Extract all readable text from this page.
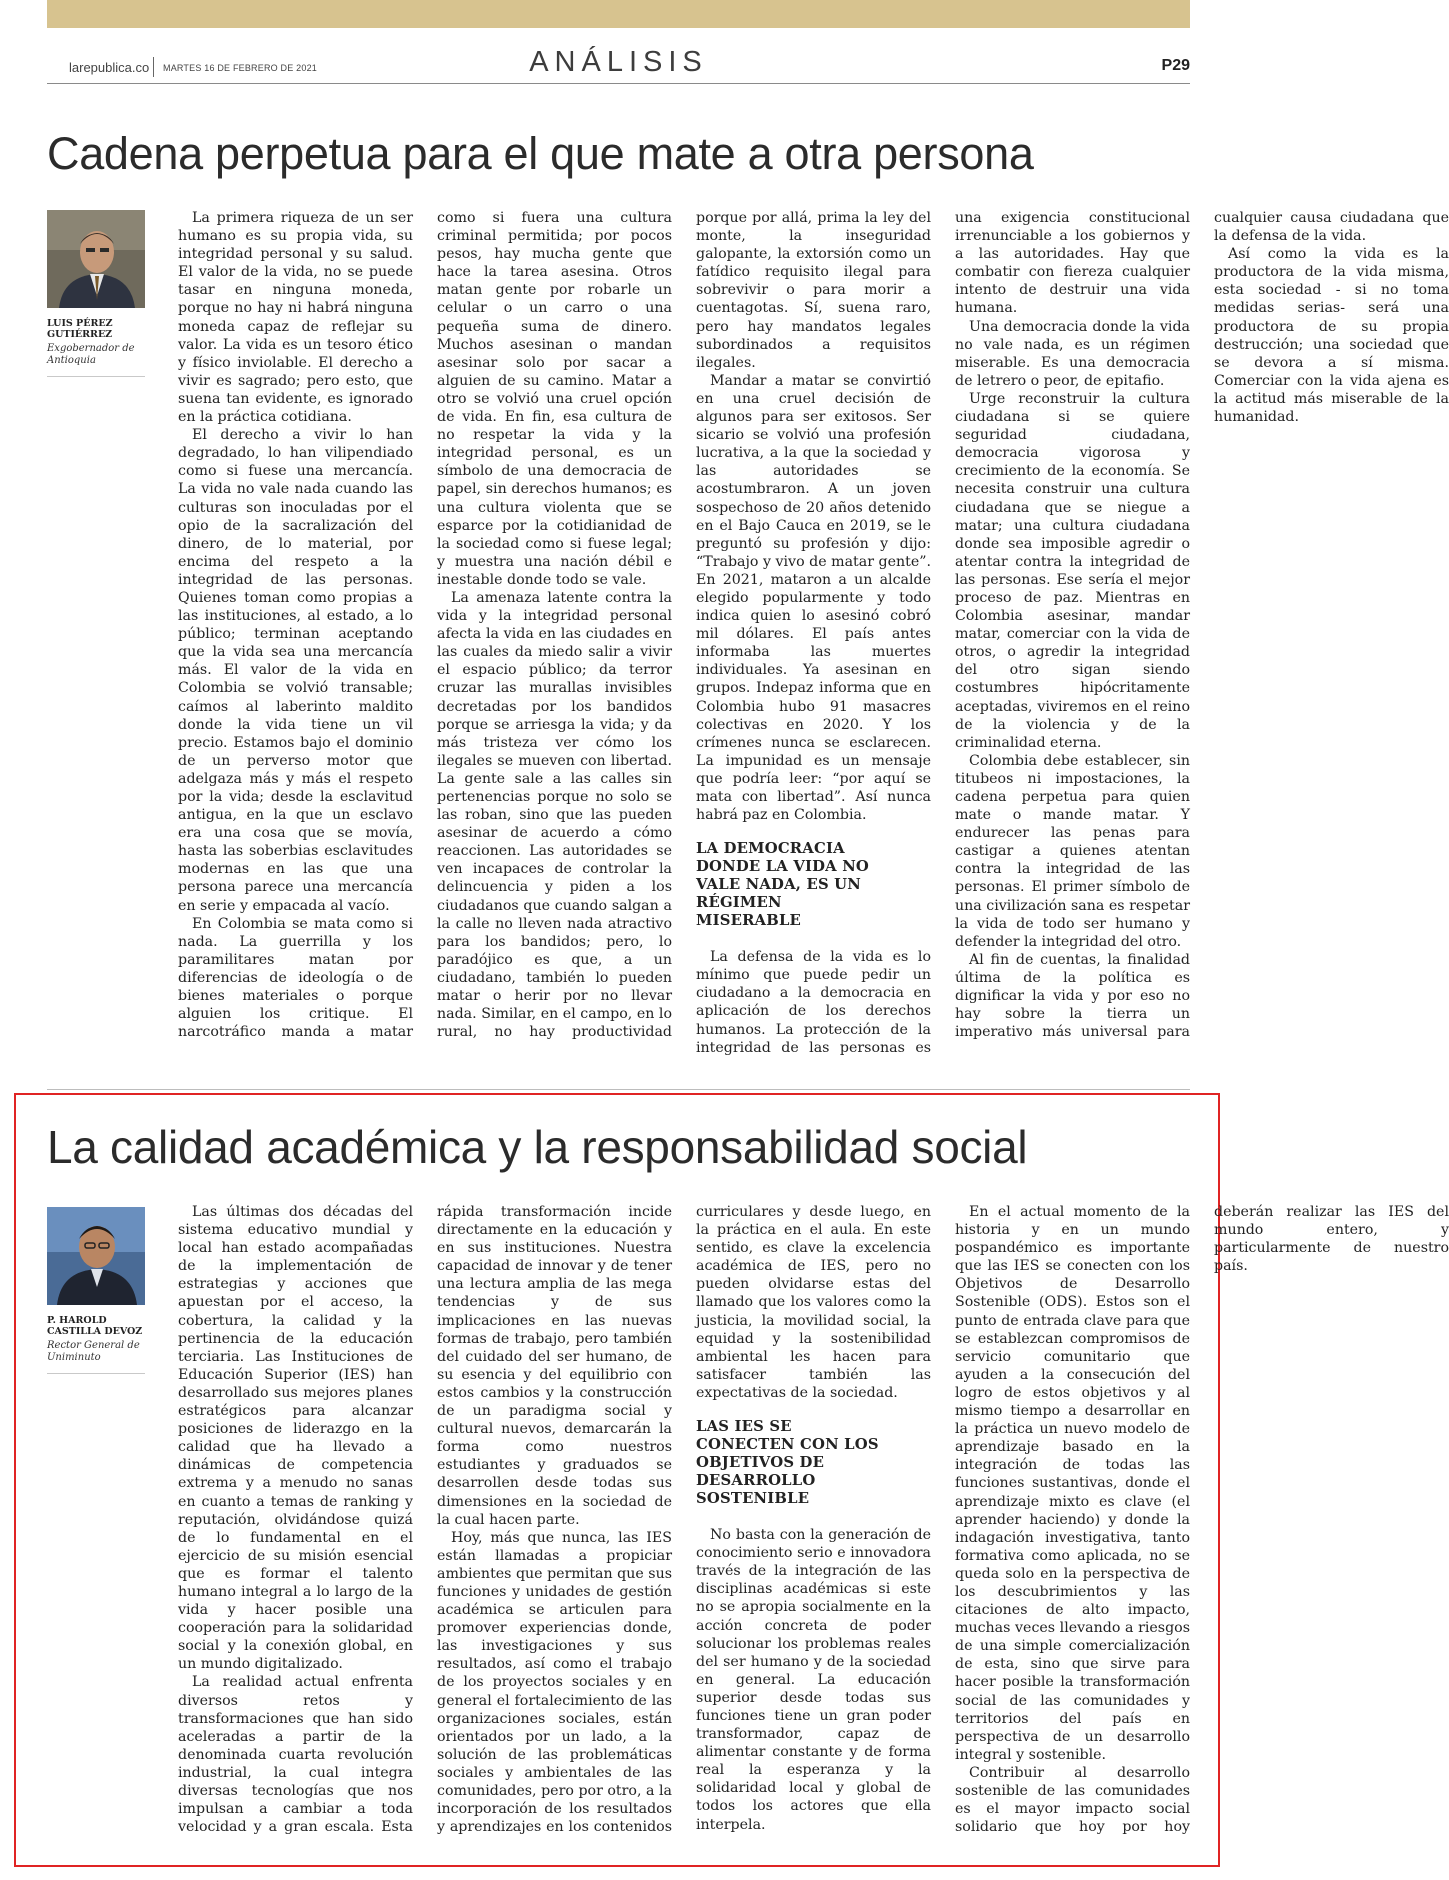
larepublica.co MARTES 16 DE FEBRERO DE 2021	ANÁLISIS	P29
Cadena perpetua para el que mate a otra persona
LUIS PÉREZ GUTIÉRREZ
Exgobernador de Antioquia

La primera riqueza de un ser humano es su propia vida, su integridad personal y su salud. El valor de la vida, no se puede tasar en ninguna moneda, porque no hay ni habrá ninguna moneda capaz de reflejar su valor. La vida es un tesoro ético y físico inviolable. El derecho a vivir es sagrado; pero esto, que suena tan evidente, es ignorado en la práctica cotidiana.

El derecho a vivir lo han degradado, lo han vilipendiado como si fuese una mercancía. La vida no vale nada cuando las culturas son inoculadas por el opio de la sacralización del dinero, de lo material, por encima del respeto a la integridad de las personas. Quienes toman como propias a las instituciones, al estado, a lo público; terminan aceptando que la vida sea una mercancía más. El valor de la vida en Colombia se volvió transable; caímos al laberinto maldito donde la vida tiene un vil precio. Estamos bajo el dominio de un perverso motor que adelgaza más y más el respeto por la vida; desde la esclavitud antigua, en la que un esclavo era una cosa que se movía, hasta las soberbias esclavitudes modernas en las que una persona parece una mercancía en serie y empacada al vacío.

En Colombia se mata como si nada. La guerrilla y los paramilitares matan por diferencias de ideología o de bienes materiales o porque alguien los critique. El narcotráfico manda a matar como si fuera una cultura criminal permitida; por pocos pesos, hay mucha gente que hace la tarea asesina. Otros matan gente por robarle un celular o un carro o una pequeña suma de dinero. Muchos asesinan o mandan asesinar solo por sacar a alguien de su camino. Matar a otro se volvió una cruel opción de vida. En fin, esa cultura de no respetar la vida y la integridad personal, es un símbolo de una democracia de papel, sin derechos humanos; es una cultura violenta que se esparce por la cotidianidad de la sociedad como si fuese legal; y muestra una nación débil e inestable donde todo se vale.

La amenaza latente contra la vida y la integridad personal afecta la vida en las ciudades en las cuales da miedo salir a vivir el espacio público; da terror cruzar las murallas invisibles decretadas por los bandidos porque se arriesga la vida; y da más tristeza ver cómo los ilegales se mueven con libertad. La gente sale a las calles sin pertenencias porque no solo se las roban, sino que las pueden asesinar de acuerdo a cómo reaccionen. Las autoridades se ven incapaces de controlar la delincuencia y piden a los ciudadanos que cuando salgan a la calle no lleven nada atractivo para los bandidos; pero, lo paradójico es que, a un ciudadano, también lo pueden matar o herir por no llevar nada. Similar, en el campo, en lo rural, no hay productividad porque por allá, prima la ley del monte, la inseguridad galopante, la extorsión como un fatídico requisito ilegal para sobrevivir o para morir a cuentagotas. Sí, suena raro, pero hay mandatos legales subordinados a requisitos ilegales.

Mandar a matar se convirtió en una cruel decisión de algunos para ser exitosos. Ser sicario se volvió una profesión lucrativa, a la que la sociedad y las autoridades se acostumbraron. A un joven sospechoso de 20 años detenido en el Bajo Cauca en 2019, se le preguntó su profesión y dijo: “Trabajo y vivo de matar gente”. En 2021, mataron a un alcalde elegido popularmente y todo indica quien lo asesinó cobró mil dólares. El país antes informaba las muertes individuales. Ya asesinan en grupos. Indepaz informa que en Colombia hubo 91 masacres colectivas en 2020. Y los crímenes nunca se esclarecen. La impunidad es un mensaje que podría leer: “por aquí se mata con libertad”. Así nunca habrá paz en Colombia.

LA DEMOCRACIA DONDE LA VIDA NO VALE NADA, ES UN RÉGIMEN MISERABLE

La defensa de la vida es lo mínimo que puede pedir un ciudadano a la democracia en aplicación de los derechos humanos. La protección de la integridad de las personas es una exigencia constitucional irrenunciable a los gobiernos y a las autoridades. Hay que combatir con fiereza cualquier intento de destruir una vida humana.

Una democracia donde la vida no vale nada, es un régimen miserable. Es una democracia de letrero o peor, de epitafio.

Urge reconstruir la cultura ciudadana si se quiere seguridad ciudadana, democracia vigorosa y crecimiento de la economía. Se necesita construir una cultura ciudadana que se niegue a matar; una cultura ciudadana donde sea imposible agredir o atentar contra la integridad de las personas. Ese sería el mejor proceso de paz. Mientras en Colombia asesinar, mandar matar, comerciar con la vida de otros, o agredir la integridad del otro sigan siendo costumbres hipócritamente aceptadas, viviremos en el reino de la violencia y de la criminalidad eterna.

Colombia debe establecer, sin titubeos ni impostaciones, la cadena perpetua para quien mate o mande matar. Y endurecer las penas para castigar a quienes atentan contra la integridad de las personas. El primer símbolo de una civilización sana es respetar la vida de todo ser humano y defender la integridad del otro.

Al fin de cuentas, la finalidad última de la política es dignificar la vida y por eso no hay sobre la tierra un imperativo más universal para cualquier causa ciudadana que la defensa de la vida.

Así como la vida es la productora de la vida misma, esta sociedad - si no toma medidas serias- será una productora de su propia destrucción; una sociedad que se devora a sí misma. Comerciar con la vida ajena es la actitud más miserable de la humanidad.

La calidad académica y la responsabilidad social
P. HAROLD CASTILLA DEVOZ
Rector General de Uniminuto

Las últimas dos décadas del sistema educativo mundial y local han estado acompañadas de la implementación de estrategias y acciones que apuestan por el acceso, la cobertura, la calidad y la pertinencia de la educación terciaria. Las Instituciones de Educación Superior (IES) han desarrollado sus mejores planes estratégicos para alcanzar posiciones de liderazgo en la calidad que ha llevado a dinámicas de competencia extrema y a menudo no sanas en cuanto a temas de ranking y reputación, olvidándose quizá de lo fundamental en el ejercicio de su misión esencial que es formar el talento humano integral a lo largo de la vida y hacer posible una cooperación para la solidaridad social y la conexión global, en un mundo digitalizado.

La realidad actual enfrenta diversos retos y transformaciones que han sido aceleradas a partir de la denominada cuarta revolución industrial, la cual integra diversas tecnologías que nos impulsan a cambiar a toda velocidad y a gran escala. Esta rápida transformación incide directamente en la educación y en sus instituciones. Nuestra capacidad de innovar y de tener una lectura amplia de las mega tendencias y de sus implicaciones en las nuevas formas de trabajo, pero también del cuidado del ser humano, de su esencia y del equilibrio con estos cambios y la construcción de un paradigma social y cultural nuevos, demarcarán la forma como nuestros estudiantes y graduados se desarrollen desde todas sus dimensiones en la sociedad de la cual hacen parte.

Hoy, más que nunca, las IES están llamadas a propiciar ambientes que permitan que sus funciones y unidades de gestión académica se articulen para promover experiencias donde, las investigaciones y sus resultados, así como el trabajo de los proyectos sociales y en general el fortalecimiento de las organizaciones sociales, están orientados por un lado, a la solución de las problemáticas sociales y ambientales de las comunidades, pero por otro, a la incorporación de los resultados y aprendizajes en los contenidos curriculares y desde luego, en la práctica en el aula. En este sentido, es clave la excelencia académica de IES, pero no pueden olvidarse estas del llamado que los valores como la justicia, la movilidad social, la equidad y la sostenibilidad ambiental les hacen para satisfacer también las expectativas de la sociedad.

LAS IES SE CONECTEN CON LOS OBJETIVOS DE DESARROLLO SOSTENIBLE

No basta con la generación de conocimiento serio e innovadora través de la integración de las disciplinas académicas si este no se apropia socialmente en la acción concreta de poder solucionar los problemas reales del ser humano y de la sociedad en general. La educación superior desde todas sus funciones tiene un gran poder transformador, capaz de alimentar constante y de forma real la esperanza y la solidaridad local y global de todos los actores que ella interpela.

En el actual momento de la historia y en un mundo pospandémico es importante que las IES se conecten con los Objetivos de Desarrollo Sostenible (ODS). Estos son el punto de entrada clave para que se establezcan compromisos de servicio comunitario que ayuden a la consecución del logro de estos objetivos y al mismo tiempo a desarrollar en la práctica un nuevo modelo de aprendizaje basado en la integración de todas las funciones sustantivas, donde el aprendizaje mixto es clave (el aprender haciendo) y donde la indagación investigativa, tanto formativa como aplicada, no se queda solo en la perspectiva de los descubrimientos y las citaciones de alto impacto, muchas veces llevando a riesgos de una simple comercialización de esta, sino que sirve para hacer posible la transformación social de las comunidades y territorios del país en perspectiva de un desarrollo integral y sostenible.

Contribuir al desarrollo sostenible de las comunidades es el mayor impacto social solidario que hoy por hoy deberán realizar las IES del mundo entero, y particularmente de nuestro país.
